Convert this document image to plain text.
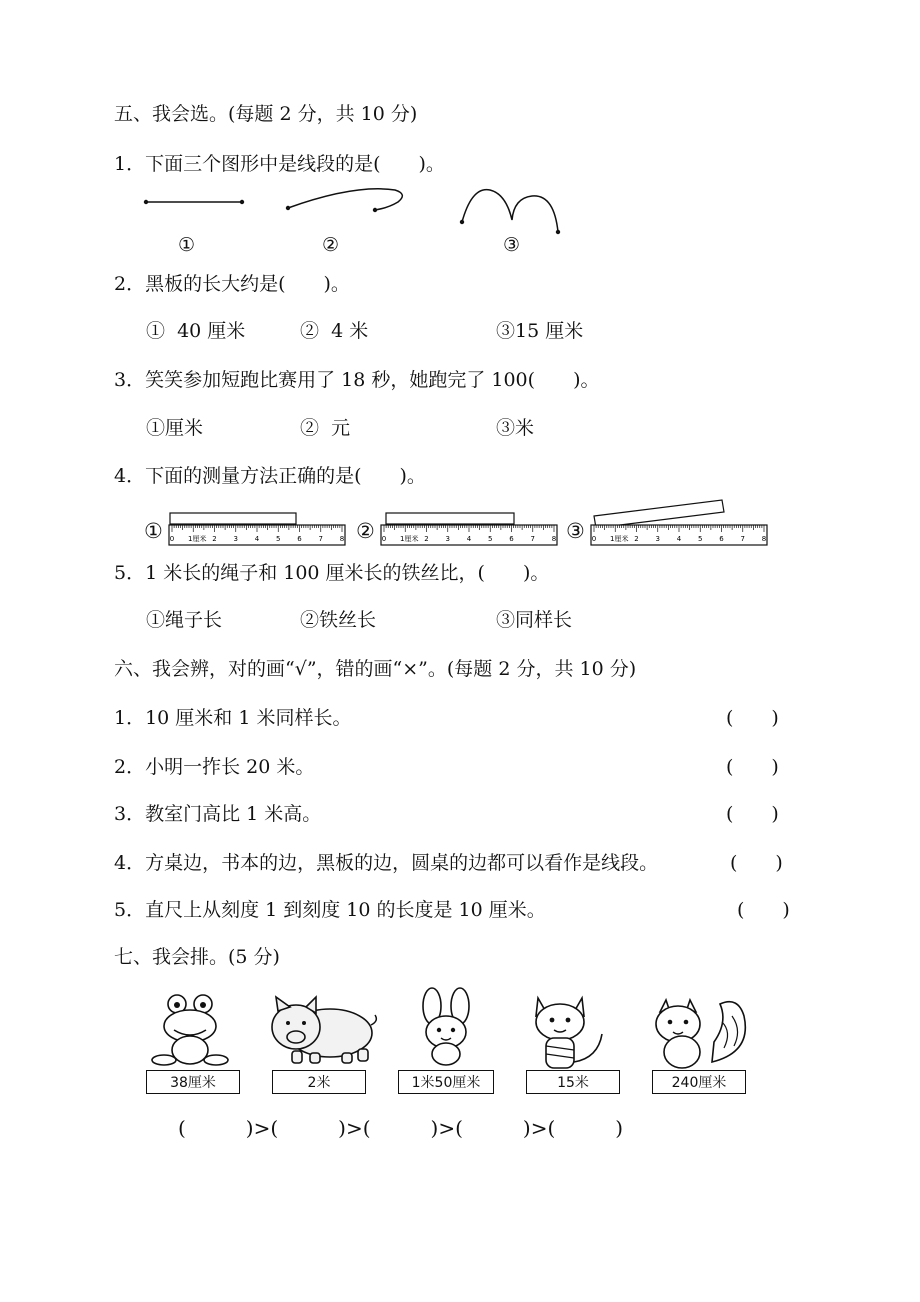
五、我会选。(每题 2 分，共 10 分)
1．下面三个图形中是线段的是(　　)。
①	②	③
2．黑板的长大约是(　　)。
①  40 厘米	②  4 米	③15 厘米
3．笑笑参加短跑比赛用了 18 秒，她跑完了 100(　　)。
①厘米	②  元	③米
4．下面的测量方法正确的是(　　)。
①	②	③
0 1厘米 2 3 4 5 6 7 8	0 1厘米 2 3 4 5 6 7 8	0 1厘米 2 3 4 5 6 7 8
5．1 米长的绳子和 100 厘米长的铁丝比，(　　)。
①绳子长	②铁丝长	③同样长
六、我会辨，对的画“√”，错的画“×”。(每题 2 分，共 10 分)
1．10 厘米和 1 米同样长。	(　　)
2．小明一拃长 20 米。	(　　)
3．教室门高比 1 米高。	(　　)
4．方桌边，书本的边，黑板的边，圆桌的边都可以看作是线段。	(　　)
5．直尺上从刻度 1 到刻度 10 的长度是 10 厘米。	(　　)
七、我会排。(5 分)
38厘米	2米	1米50厘米	15米	240厘米
(　　　)>(　　　)>(　　　)>(　　　)>(　　　)
